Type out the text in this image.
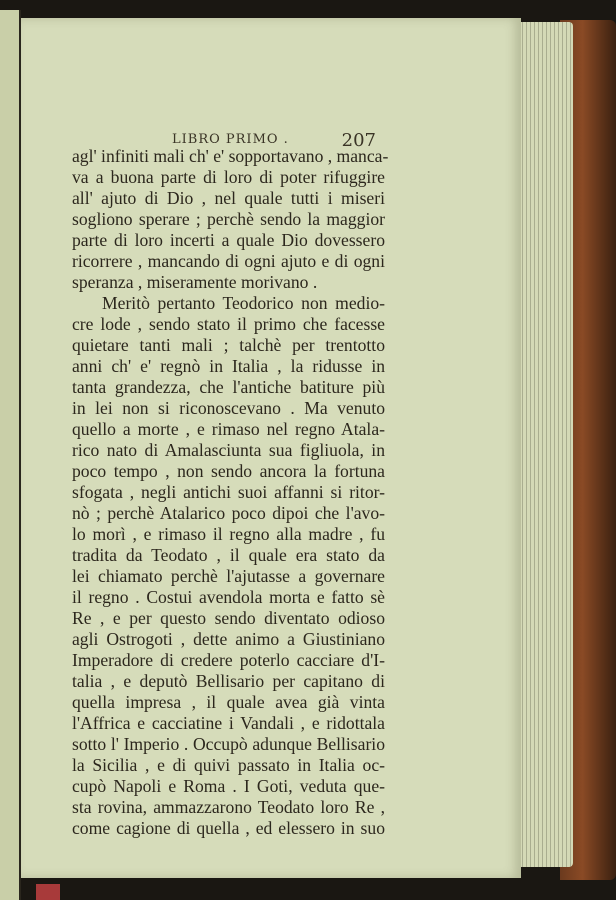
LIBRO PRIMO .	207
agl' infiniti mali ch' e' sopportavano , manca-
va a buona parte di loro di poter rifuggire
all' ajuto di Dio , nel quale tutti i miseri
sogliono sperare ; perchè sendo la maggior
parte di loro incerti a quale Dio dovessero
ricorrere , mancando di ogni ajuto e di ogni
speranza , miseramente morivano .
Meritò pertanto Teodorico non medio-
cre lode , sendo stato il primo che facesse
quietare tanti mali ; talchè per trentotto
anni ch' e' regnò in Italia , la ridusse in
tanta grandezza, che l'antiche batiture più
in lei non si riconoscevano . Ma venuto
quello a morte , e rimaso nel regno Atala-
rico nato di Amalasciunta sua figliuola, in
poco tempo , non sendo ancora la fortuna
sfogata , negli antichi suoi affanni si ritor-
nò ; perchè Atalarico poco dipoi che l'avo-
lo morì , e rimaso il regno alla madre , fu
tradita da Teodato , il quale era stato da
lei chiamato perchè l'ajutasse a governare
il regno . Costui avendola morta e fatto sè
Re , e per questo sendo diventato odioso
agli Ostrogoti , dette animo a Giustiniano
Imperadore di credere poterlo cacciare d'I-
talia , e deputò Bellisario per capitano di
quella impresa , il quale avea già vinta
l'Affrica e cacciatine i Vandali , e ridottala
sotto l' Imperio . Occupò adunque Bellisario
la Sicilia , e di quivi passato in Italia oc-
cupò Napoli e Roma . I Goti, veduta que-
sta rovina, ammazzarono Teodato loro Re ,
come cagione di quella , ed elessero in suo
